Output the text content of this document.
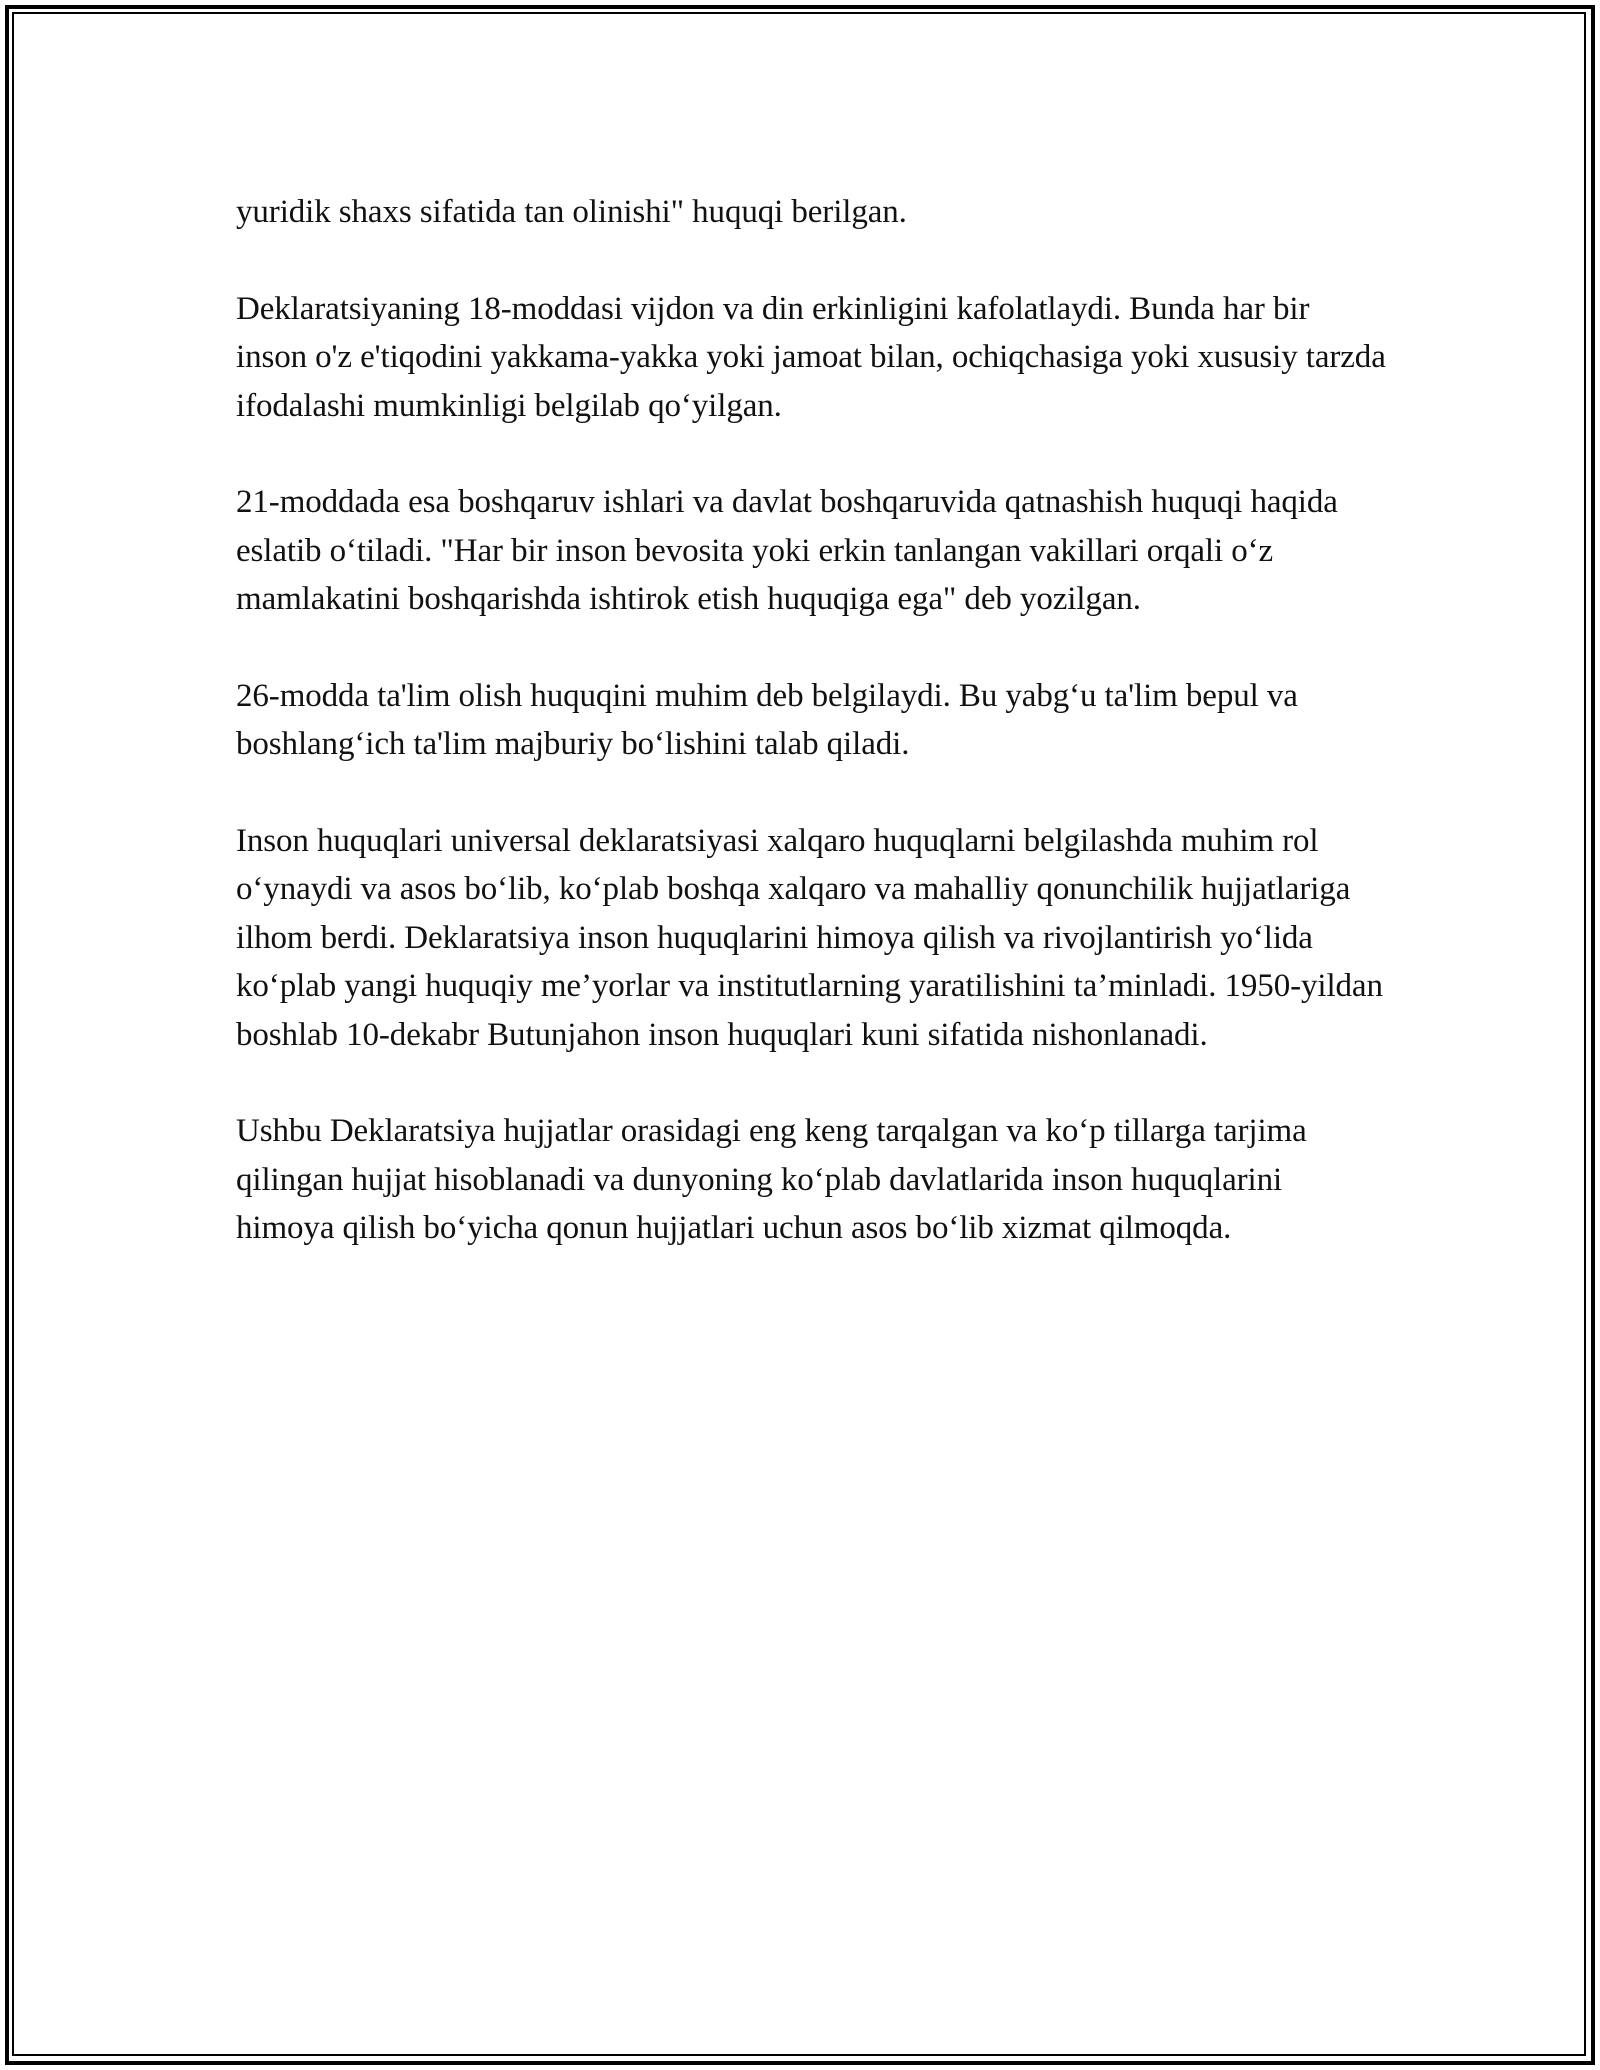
yuridik shaxs sifatida tan olinishi" huquqi berilgan.

Deklaratsiyaning 18-moddasi vijdon va din erkinligini kafolatlaydi. Bunda har bir inson o'z e'tiqodini yakkama-yakka yoki jamoat bilan, ochiqchasiga yoki xususiy tarzda ifodalashi mumkinligi belgilab qoʻyilgan.

21-moddada esa boshqaruv ishlari va davlat boshqaruvida qatnashish huquqi haqida eslatib oʻtiladi. "Har bir inson bevosita yoki erkin tanlangan vakillari orqali oʻz mamlakatini boshqarishda ishtirok etish huquqiga ega" deb yozilgan.

26-modda ta'lim olish huquqini muhim deb belgilaydi. Bu yabgʻu ta'lim bepul va boshlangʻich ta'lim majburiy boʻlishini talab qiladi.

Inson huquqlari universal deklaratsiyasi xalqaro huquqlarni belgilashda muhim rol oʻynaydi va asos boʻlib, koʻplab boshqa xalqaro va mahalliy qonunchilik hujjatlariga ilhom berdi. Deklaratsiya inson huquqlarini himoya qilish va rivojlantirish yoʻlida koʻplab yangi huquqiy me’yorlar va institutlarning yaratilishini ta’minladi. 1950-yildan boshlab 10-dekabr Butunjahon inson huquqlari kuni sifatida nishonlanadi.

Ushbu Deklaratsiya hujjatlar orasidagi eng keng tarqalgan va koʻp tillarga tarjima qilingan hujjat hisoblanadi va dunyoning koʻplab davlatlarida inson huquqlarini himoya qilish boʻyicha qonun hujjatlari uchun asos boʻlib xizmat qilmoqda.
